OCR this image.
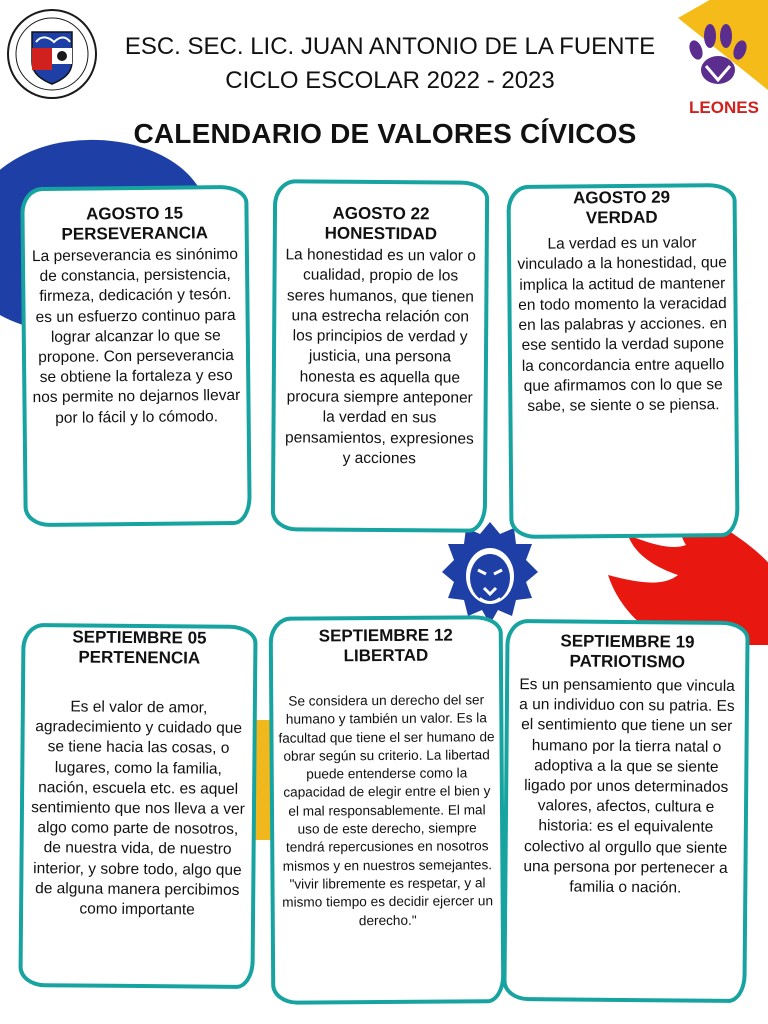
LEONES
ESC. SEC. LIC. JUAN ANTONIO DE LA FUENTE
CICLO ESCOLAR 2022 - 2023
CALENDARIO DE VALORES CÍVICOS
AGOSTO 15
PERSEVERANCIA
La perseverancia es sinónimo de constancia, persistencia, firmeza, dedicación y tesón. es un esfuerzo continuo para lograr alcanzar lo que se propone. Con perseverancia se obtiene la fortaleza y eso nos permite no dejarnos llevar por lo fácil y lo cómodo.
AGOSTO 22
HONESTIDAD
La honestidad es un valor o cualidad, propio de los seres humanos, que tienen una estrecha relación con los principios de verdad y justicia, una persona honesta es aquella que procura siempre anteponer la verdad en sus pensamientos, expresiones y acciones
AGOSTO 29
VERDAD
La verdad es un valor vinculado a la honestidad, que implica la actitud de mantener en todo momento la veracidad en las palabras y acciones. en ese sentido la verdad supone la concordancia entre aquello que afirmamos con lo que se sabe, se siente o se piensa.
SEPTIEMBRE 05
PERTENENCIA
Es el valor de amor, agradecimiento y cuidado que se tiene hacia las cosas, o lugares, como la familia, nación, escuela etc. es aquel sentimiento que nos lleva a ver algo como parte de nosotros, de nuestra vida, de nuestro interior, y sobre todo, algo que de alguna manera percibimos como importante
SEPTIEMBRE 12
LIBERTAD
Se considera un derecho del ser humano y también un valor. Es la facultad que tiene el ser humano de obrar según su criterio. La libertad puede entenderse como la capacidad de elegir entre el bien y el mal responsablemente. El mal uso de este derecho, siempre tendrá repercusiones en nosotros mismos y en nuestros semejantes. "vivir libremente es respetar, y al mismo tiempo es decidir ejercer un derecho."
SEPTIEMBRE 19
PATRIOTISMO
Es un pensamiento que vincula a un individuo con su patria. Es el sentimiento que tiene un ser humano por la tierra natal o adoptiva a la que se siente ligado por unos determinados valores, afectos, cultura e historia: es el equivalente colectivo al orgullo que siente una persona por pertenecer a familia o nación.
